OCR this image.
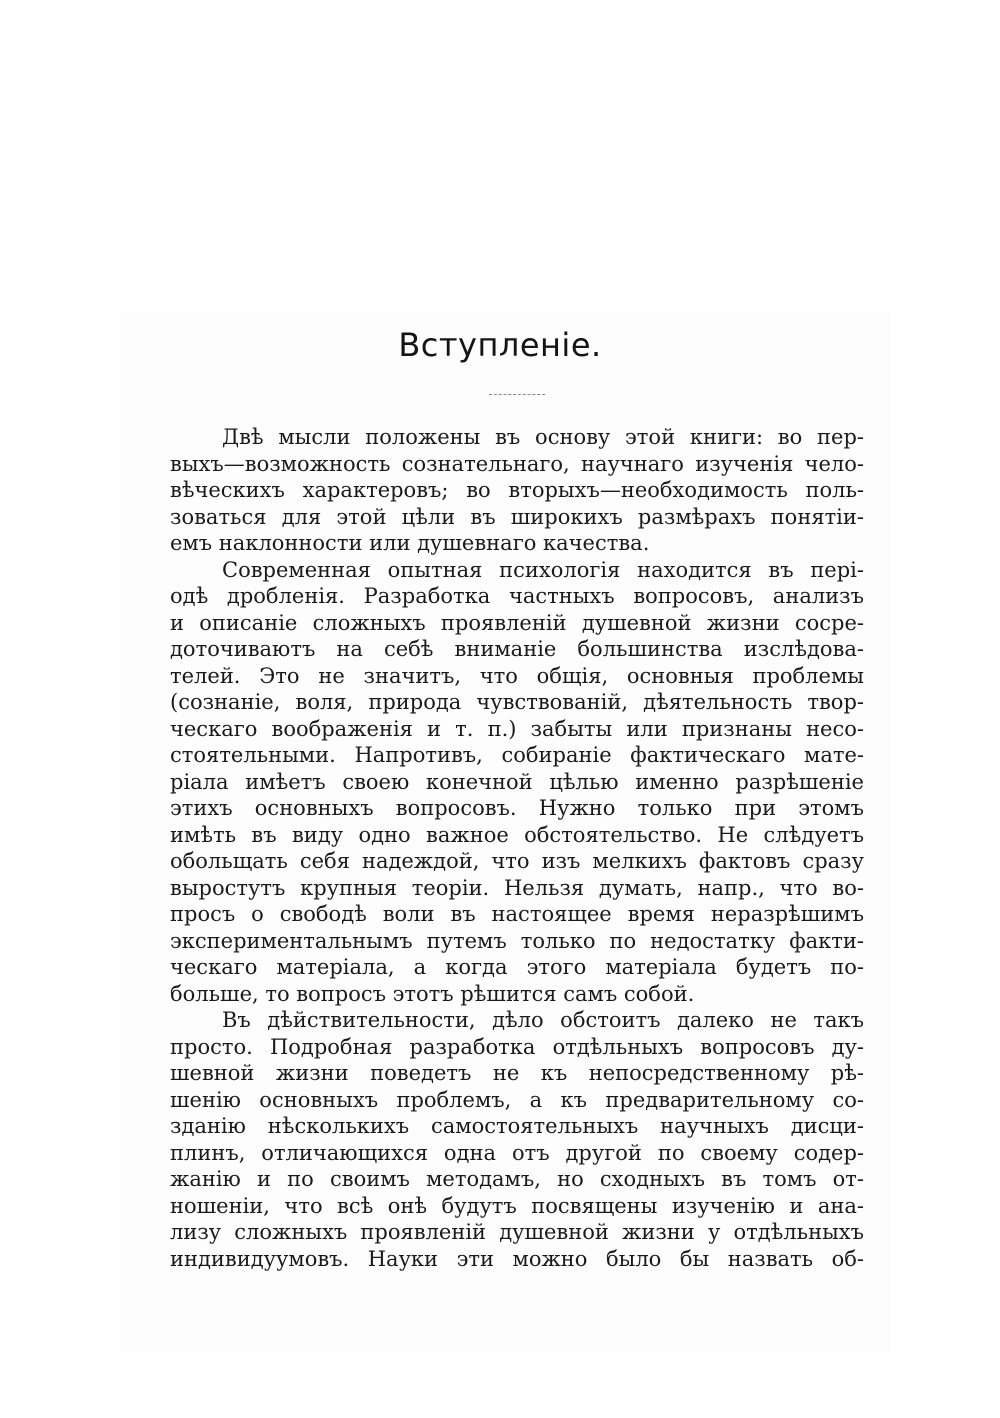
Вступленіе.
Двѣ мысли положены въ основу этой книги: во пер-
выхъ—возможность сознательнаго, научнаго изученія чело-
вѣческихъ характеровъ; во вторыхъ—необходимость поль-
зоваться для этой цѣли въ широкихъ размѣрахъ понятіи-
емъ наклонности или душевнаго качества.
Современная опытная психологія находится въ пері-
одѣ дробленія. Разработка частныхъ вопросовъ, анализъ
и описаніе сложныхъ проявленій душевной жизни сосре-
доточиваютъ на себѣ вниманіе большинства изслѣдова-
телей. Это не значитъ, что общія, основныя проблемы
(сознаніе, воля, природа чувствованій, дѣятельность твор-
ческаго воображенія и т. п.) забыты или признаны несо-
стоятельными. Напротивъ, собираніе фактическаго мате-
ріала имѣетъ своею конечной цѣлью именно разрѣшеніе
этихъ основныхъ вопросовъ. Нужно только при этомъ
имѣть въ виду одно важное обстоятельство. Не слѣдуетъ
обольщать себя надеждой, что изъ мелкихъ фактовъ сразу
выростутъ крупныя теоріи. Нельзя думать, напр., что во-
просъ о свободѣ воли въ настоящее время неразрѣшимъ
экспериментальнымъ путемъ только по недостатку факти-
ческаго матеріала, а когда этого матеріала будетъ по-
больше, то вопросъ этотъ рѣшится самъ собой.
Въ дѣйствительности, дѣло обстоитъ далеко не такъ
просто. Подробная разработка отдѣльныхъ вопросовъ ду-
шевной жизни поведетъ не къ непосредственному рѣ-
шенію основныхъ проблемъ, а къ предварительному со-
зданію нѣсколькихъ самостоятельныхъ научныхъ дисци-
плинъ, отличающихся одна отъ другой по своему содер-
жанію и по своимъ методамъ, но сходныхъ въ томъ от-
ношеніи, что всѣ онѣ будутъ посвящены изученію и ана-
лизу сложныхъ проявленій душевной жизни у отдѣльныхъ
индивидуумовъ. Науки эти можно было бы назвать об-
